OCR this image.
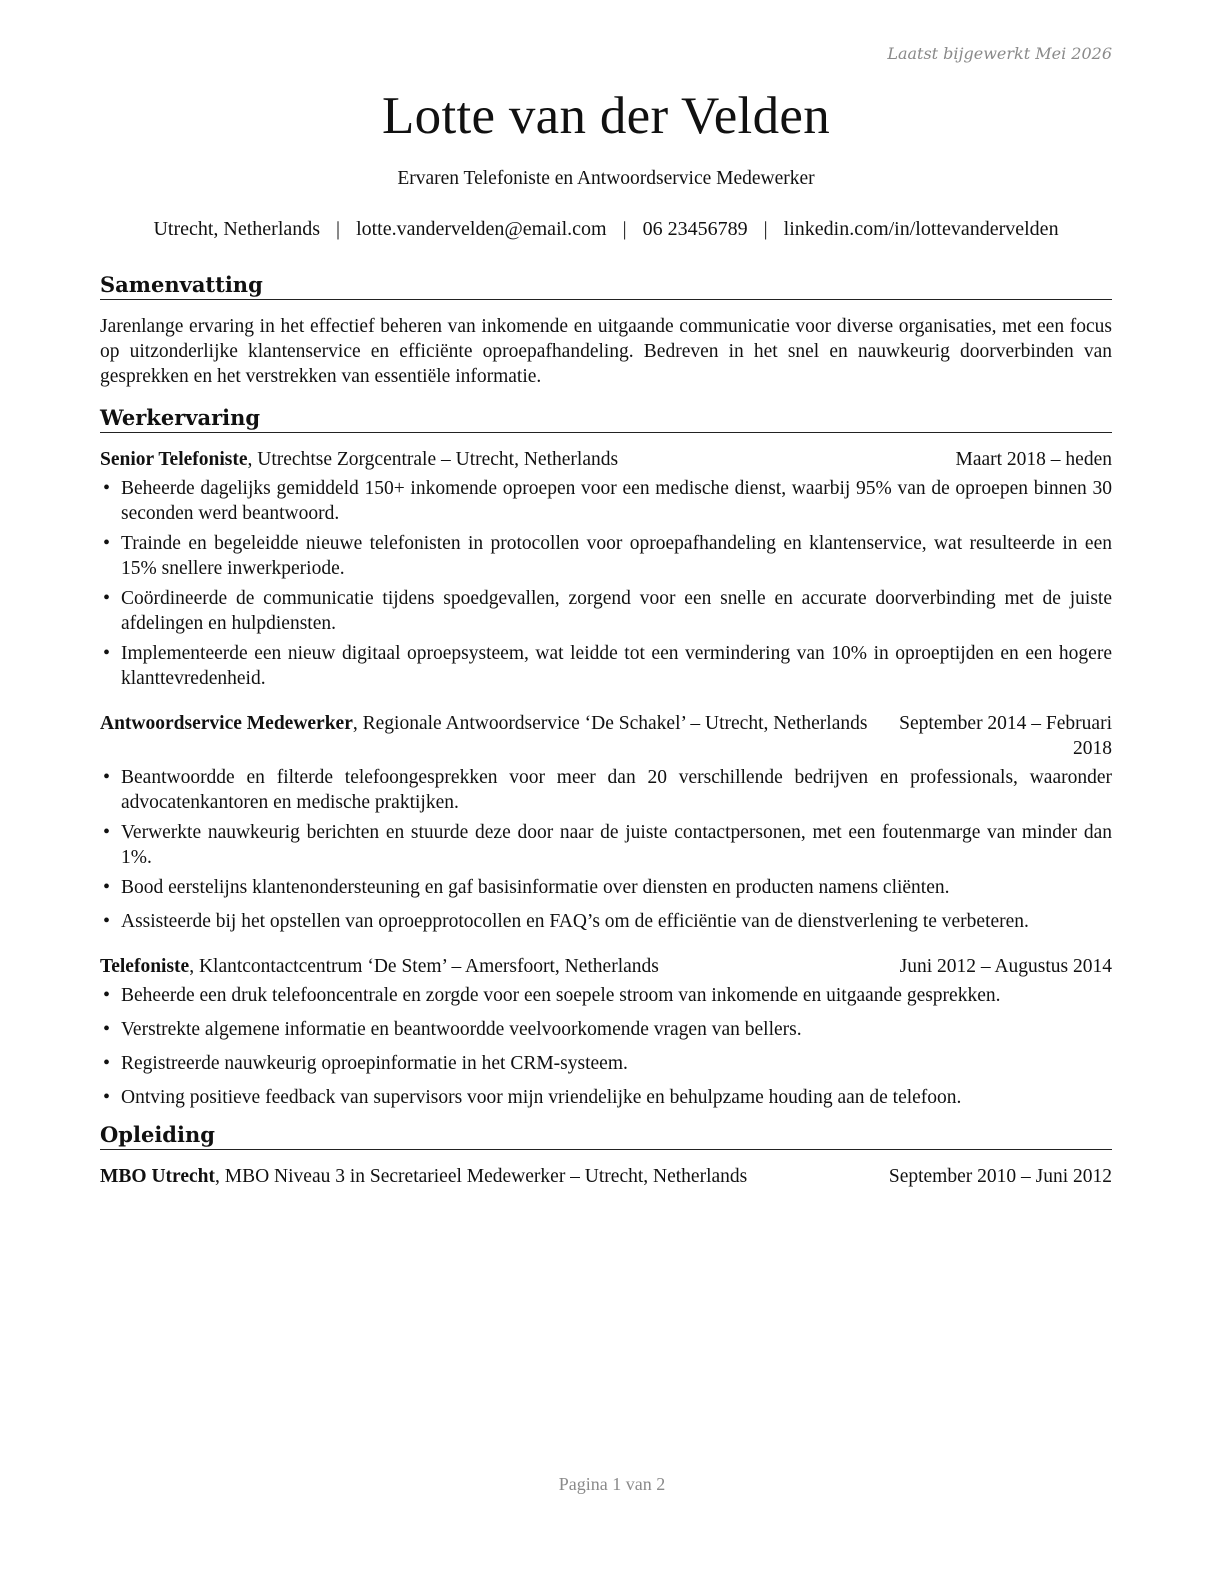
Laatst bijgewerkt Mei 2026
Lotte van der Velden
Ervaren Telefoniste en Antwoordservice Medewerker
Utrecht, Netherlands | lotte.vandervelden@email.com | 06 23456789 | linkedin.com/in/lottevandervelden
Samenvatting

Jarenlange ervaring in het effectief beheren van inkomende en uitgaande communicatie voor diverse organisaties, met een focus op uitzonderlijke klantenservice en efficiënte oproepafhandeling. Bedreven in het snel en nauwkeurig doorverbinden van gesprekken en het verstrekken van essentiële informatie.

Werkervaring
Senior Telefoniste, Utrechtse Zorgcentrale – Utrecht, Netherlands	Maart 2018 – heden
• Beheerde dagelijks gemiddeld 150+ inkomende oproepen voor een medische dienst, waarbij 95% van de oproepen binnen 30 seconden werd beantwoord.
• Trainde en begeleidde nieuwe telefonisten in protocollen voor oproepafhandeling en klantenservice, wat resulteerde in een 15% snellere inwerkperiode.
• Coördineerde de communicatie tijdens spoedgevallen, zorgend voor een snelle en accurate doorverbinding met de juiste afdelingen en hulpdiensten.
• Implementeerde een nieuw digitaal oproepsysteem, wat leidde tot een vermindering van 10% in oproeptijden en een hogere klanttevredenheid.
Antwoordservice Medewerker, Regionale Antwoordservice ‘De Schakel’ – Utrecht, Netherlands	September 2014 – Februari 2018
• Beantwoordde en filterde telefoongesprekken voor meer dan 20 verschillende bedrijven en professionals, waaronder advocatenkantoren en medische praktijken.
• Verwerkte nauwkeurig berichten en stuurde deze door naar de juiste contactpersonen, met een foutenmarge van minder dan 1%.
• Bood eerstelijns klantenondersteuning en gaf basisinformatie over diensten en producten namens cliënten.
• Assisteerde bij het opstellen van oproepprotocollen en FAQ’s om de efficiëntie van de dienstverlening te verbeteren.
Telefoniste, Klantcontactcentrum ‘De Stem’ – Amersfoort, Netherlands	Juni 2012 – Augustus 2014
• Beheerde een druk telefooncentrale en zorgde voor een soepele stroom van inkomende en uitgaande gesprekken.
• Verstrekte algemene informatie en beantwoordde veelvoorkomende vragen van bellers.
• Registreerde nauwkeurig oproepinformatie in het CRM-systeem.
• Ontving positieve feedback van supervisors voor mijn vriendelijke en behulpzame houding aan de telefoon.
Opleiding
MBO Utrecht, MBO Niveau 3 in Secretarieel Medewerker – Utrecht, Netherlands	September 2010 – Juni 2012
Pagina 1 van 2
